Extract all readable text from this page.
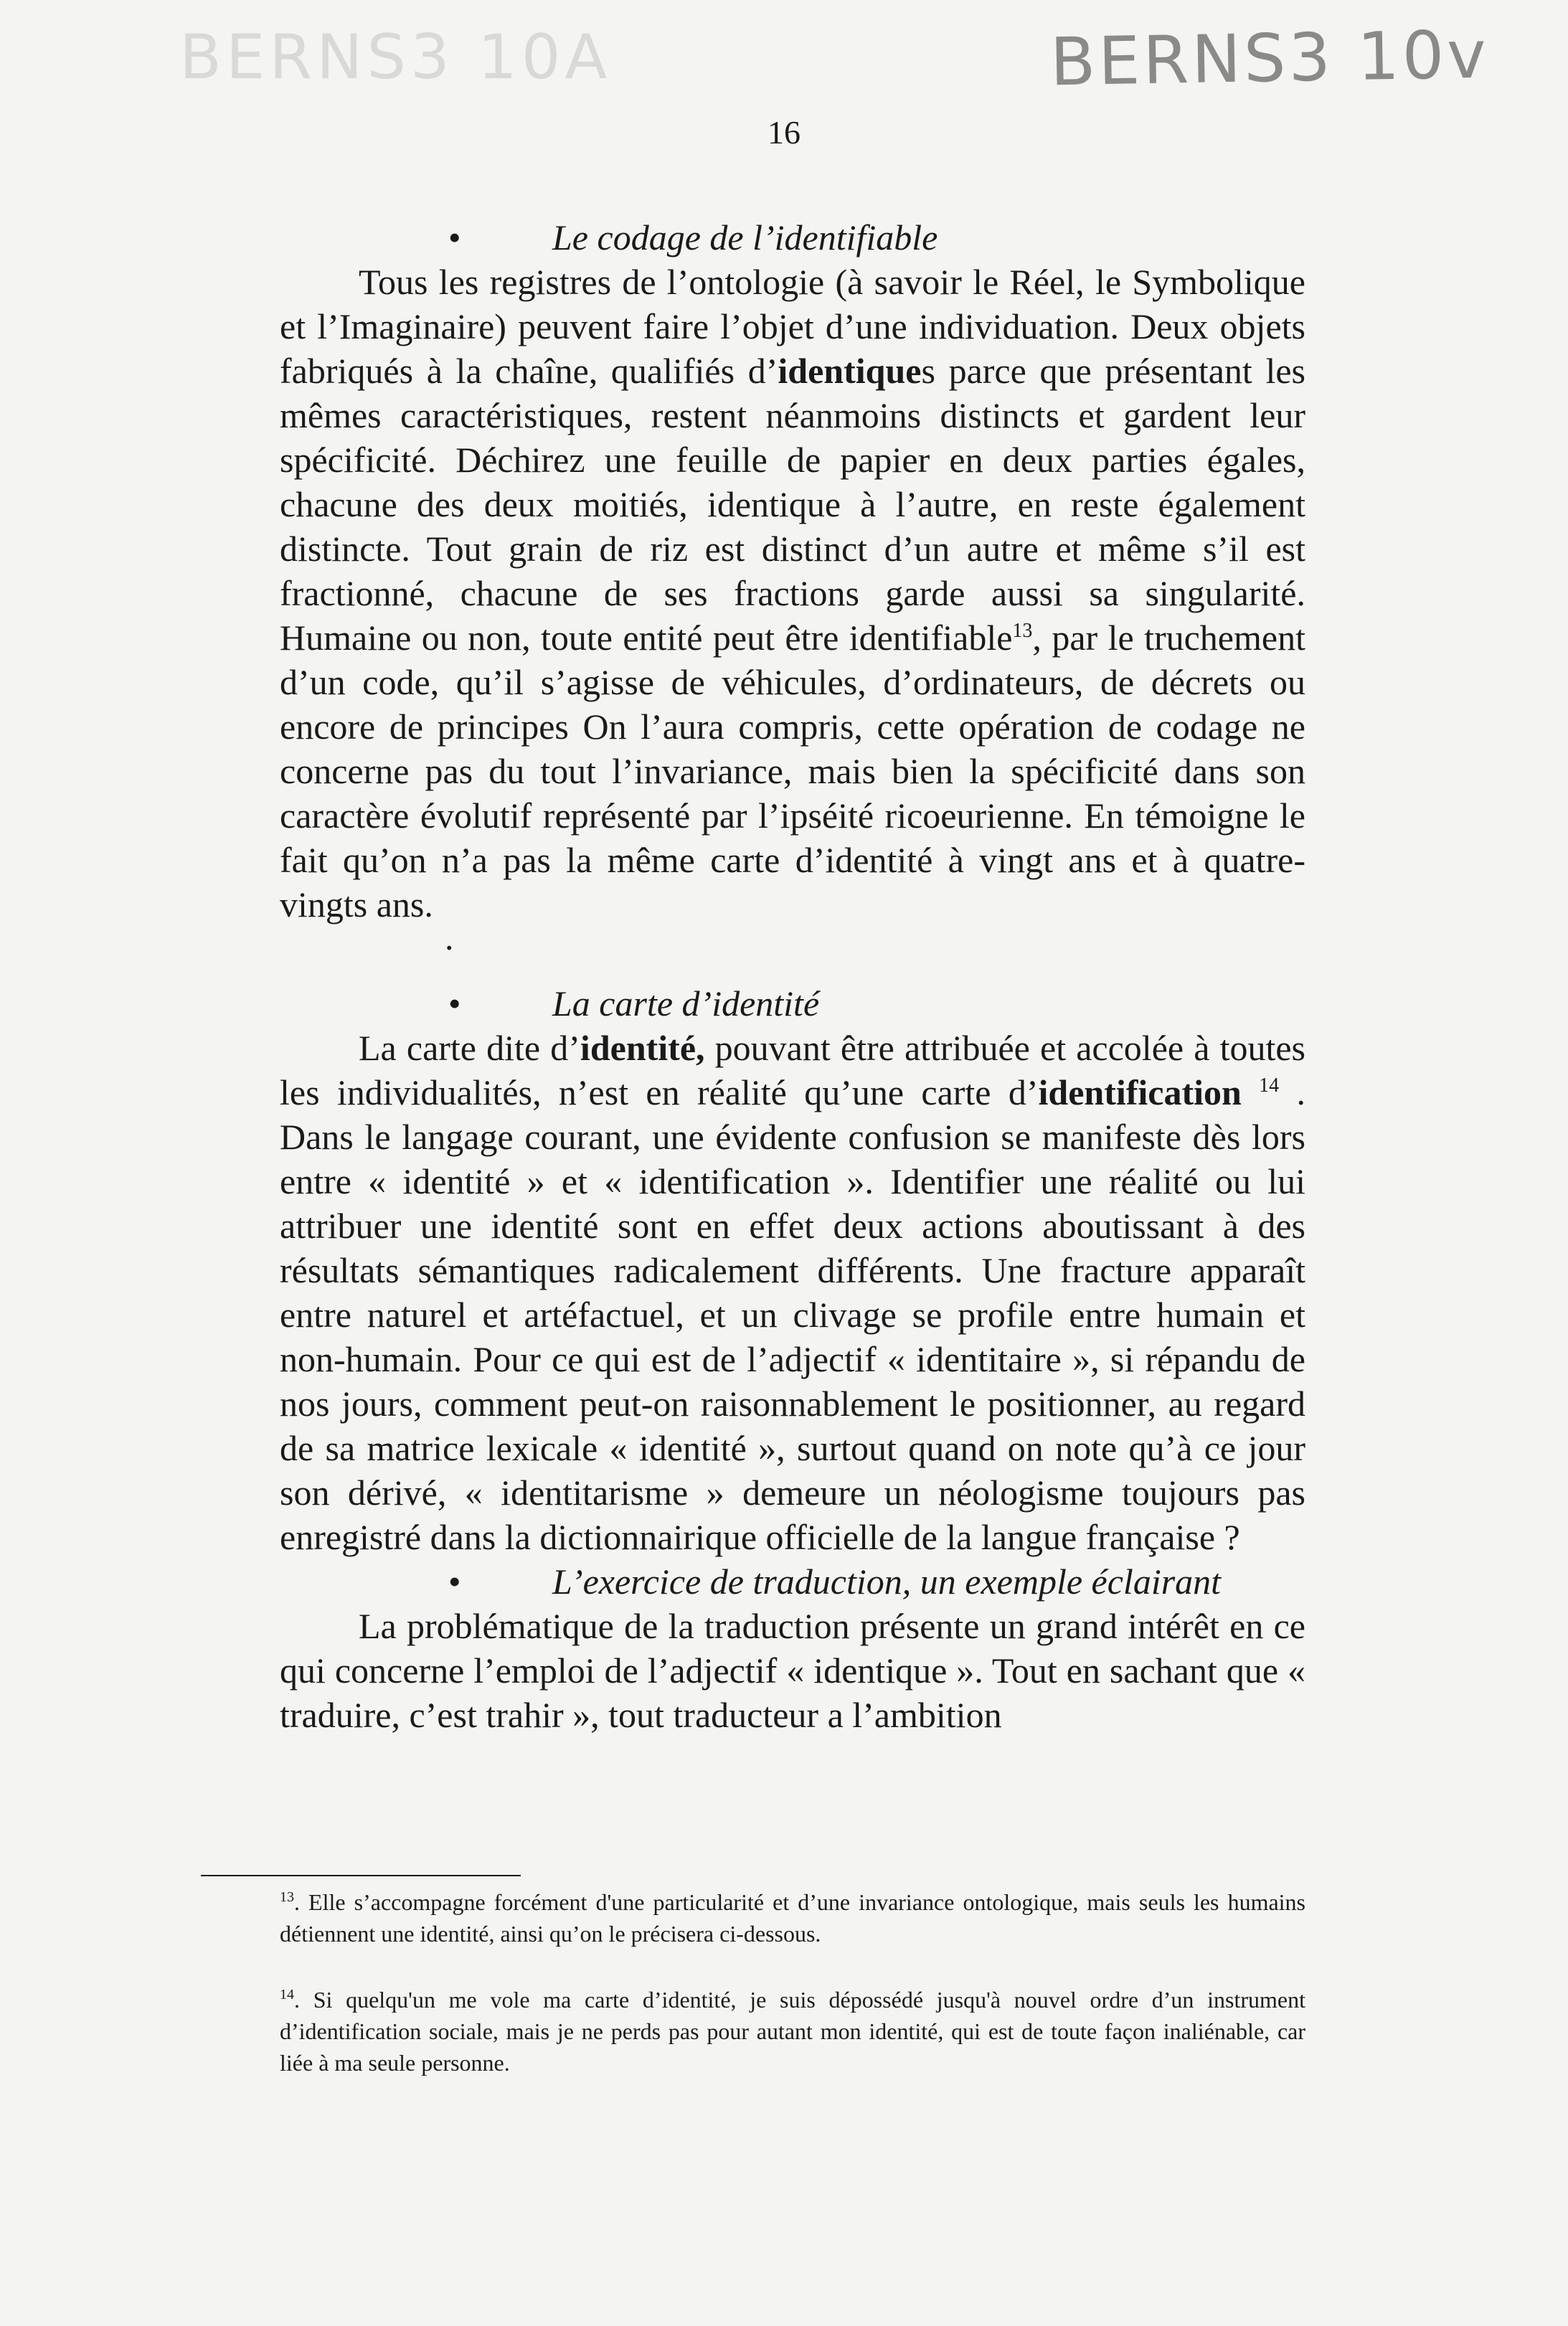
BERNS3 10A	BERNS3 10v
16
•	Le codage de l’identifiable

Tous les registres de l’ontologie (à savoir le Réel, le Symbolique et l’Imaginaire) peuvent faire l’objet d’une individuation. Deux objets fabriqués à la chaîne, qualifiés d’identiques parce que présentant les mêmes caractéristiques, restent néanmoins distincts et gardent leur spécificité. Déchirez une feuille de papier en deux parties égales, chacune des deux moitiés, identique à l’autre, en reste également distincte. Tout grain de riz est distinct d’un autre et même s’il est fractionné, chacune de ses fractions garde aussi sa singularité. Humaine ou non, toute entité peut être identifiable$^{13}$, par le truchement d’un code, qu’il s’agisse de véhicules, d’ordinateurs, de décrets ou encore de principes On l’aura compris, cette opération de codage ne concerne pas du tout l’invariance, mais bien la spécificité dans son caractère évolutif représenté par l’ipséité ricoeurienne. En témoigne le fait qu’on n’a pas la même carte d’identité à vingt ans et à quatre-vingts ans.

.
•	La carte d’identité

La carte dite d’identité, pouvant être attribuée et accolée à toutes les individualités, n’est en réalité qu’une carte d’identification $^{14}$ . Dans le langage courant, une évidente confusion se manifeste dès lors entre « identité » et « identification ». Identifier une réalité ou lui attribuer une identité sont en effet deux actions aboutissant à des résultats sémantiques radicalement différents. Une fracture apparaît entre naturel et artéfactuel, et un clivage se profile entre humain et non-humain. Pour ce qui est de l’adjectif « identitaire », si répandu de nos jours, comment peut-on raisonnablement le positionner, au regard de sa matrice lexicale « identité », surtout quand on note qu’à ce jour son dérivé, « identitarisme » demeure un néologisme toujours pas enregistré dans la dictionnairique officielle de la langue française ?

•	L’exercice de traduction, un exemple éclairant

La problématique de la traduction présente un grand intérêt en ce qui concerne l’emploi de l’adjectif « identique ». Tout en sachant que « traduire, c’est trahir », tout traducteur a l’ambition

$^{13}$. Elle s’accompagne forcément d'une particularité et d’une invariance ontologique, mais seuls les humains détiennent une identité, ainsi qu’on le précisera ci-dessous.

$^{14}$. Si quelqu'un me vole ma carte d’identité, je suis dépossédé jusqu'à nouvel ordre d’un instrument d’identification sociale, mais je ne perds pas pour autant mon identité, qui est de toute façon inaliénable, car liée à ma seule personne.
